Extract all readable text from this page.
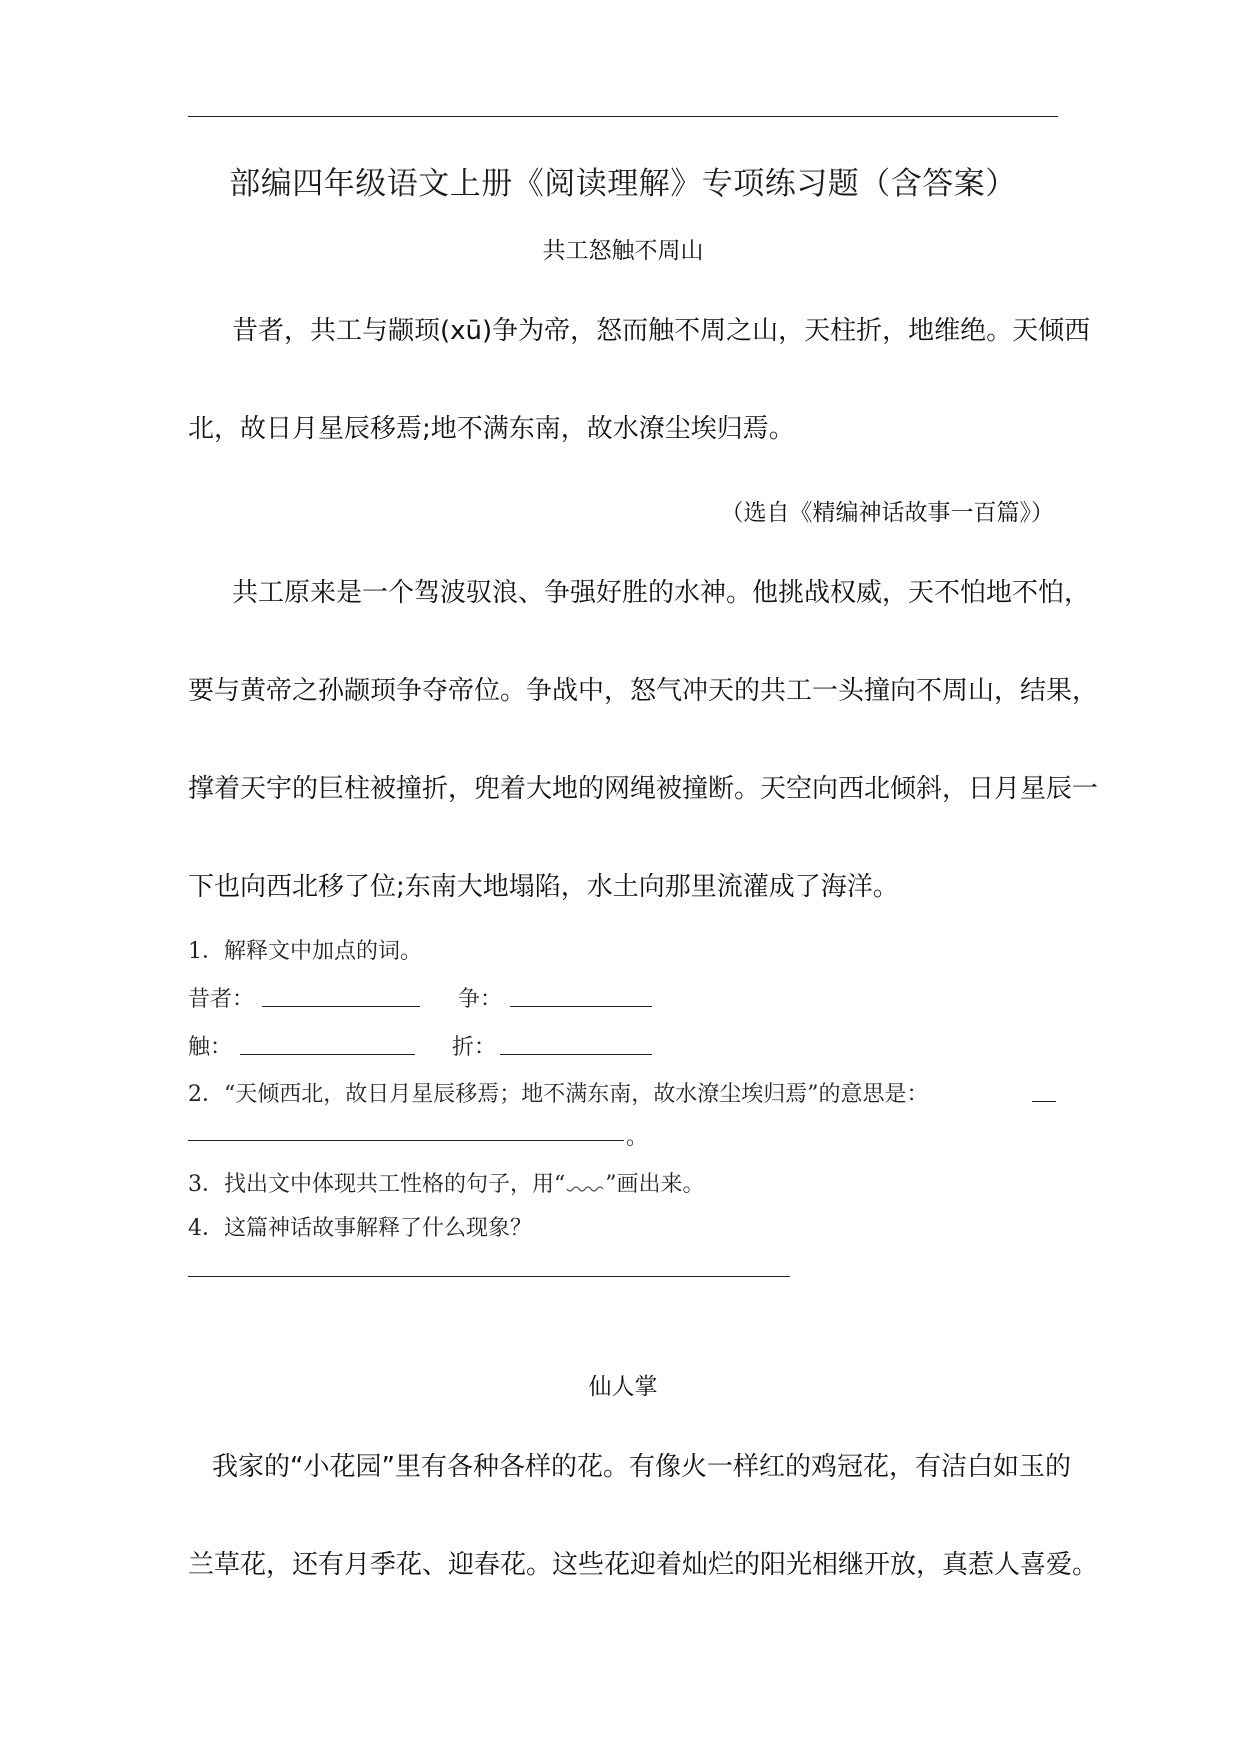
部编四年级语文上册《阅读理解》专项练习题（含答案）
共工怒触不周山
昔者，共工与颛顼(xū)争为帝，怒而触不周之山，天柱折，地维绝。天倾西
北，故日月星辰移焉;地不满东南，故水潦尘埃归焉。
（选自《精编神话故事一百篇》）
共工原来是一个驾波驭浪、争强好胜的水神。他挑战权威，天不怕地不怕，
要与黄帝之孙颛顼争夺帝位。争战中，怒气冲天的共工一头撞向不周山，结果，
撑着天宇的巨柱被撞折，兜着大地的网绳被撞断。天空向西北倾斜，日月星辰一
下也向西北移了位;东南大地塌陷，水土向那里流灌成了海洋。
1．解释文中加点的词。
昔者：	争：
触：	折：
2．“天倾西北，故日月星辰移焉；地不满东南，故水潦尘埃归焉”的意思是：
。
3．找出文中体现共工性格的句子，用“ ”画出来。
4．这篇神话故事解释了什么现象？
仙人掌
我家的“小花园”里有各种各样的花。有像火一样红的鸡冠花，有洁白如玉的
兰草花，还有月季花、迎春花。这些花迎着灿烂的阳光相继开放，真惹人喜爱。
